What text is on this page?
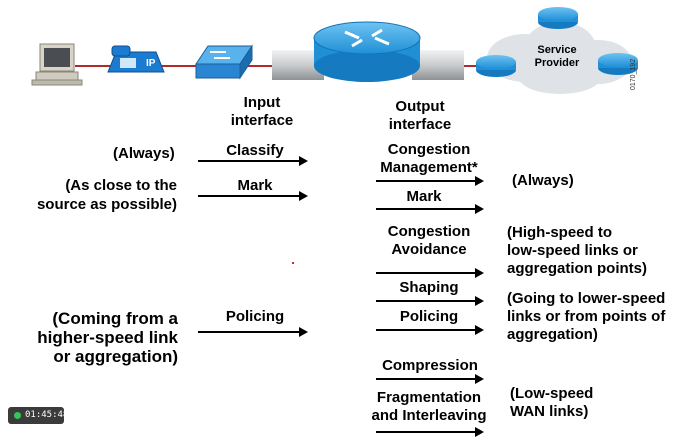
IP
Service Provider	0170_192
Input interface
Output interface
(Always)
(As close to the
source as possible)
(Coming from a
higher-speed link
or aggregation)
Classify
Mark
Policing
Congestion
Management*
Mark
Congestion
Avoidance
Shaping
Policing
Compression
Fragmentation
and Interleaving
(Always)
(High-speed to
low-speed links or
aggregation points)
(Going to lower-speed
links or from points of
aggregation)
(Low-speed
WAN links)
01:45:48
